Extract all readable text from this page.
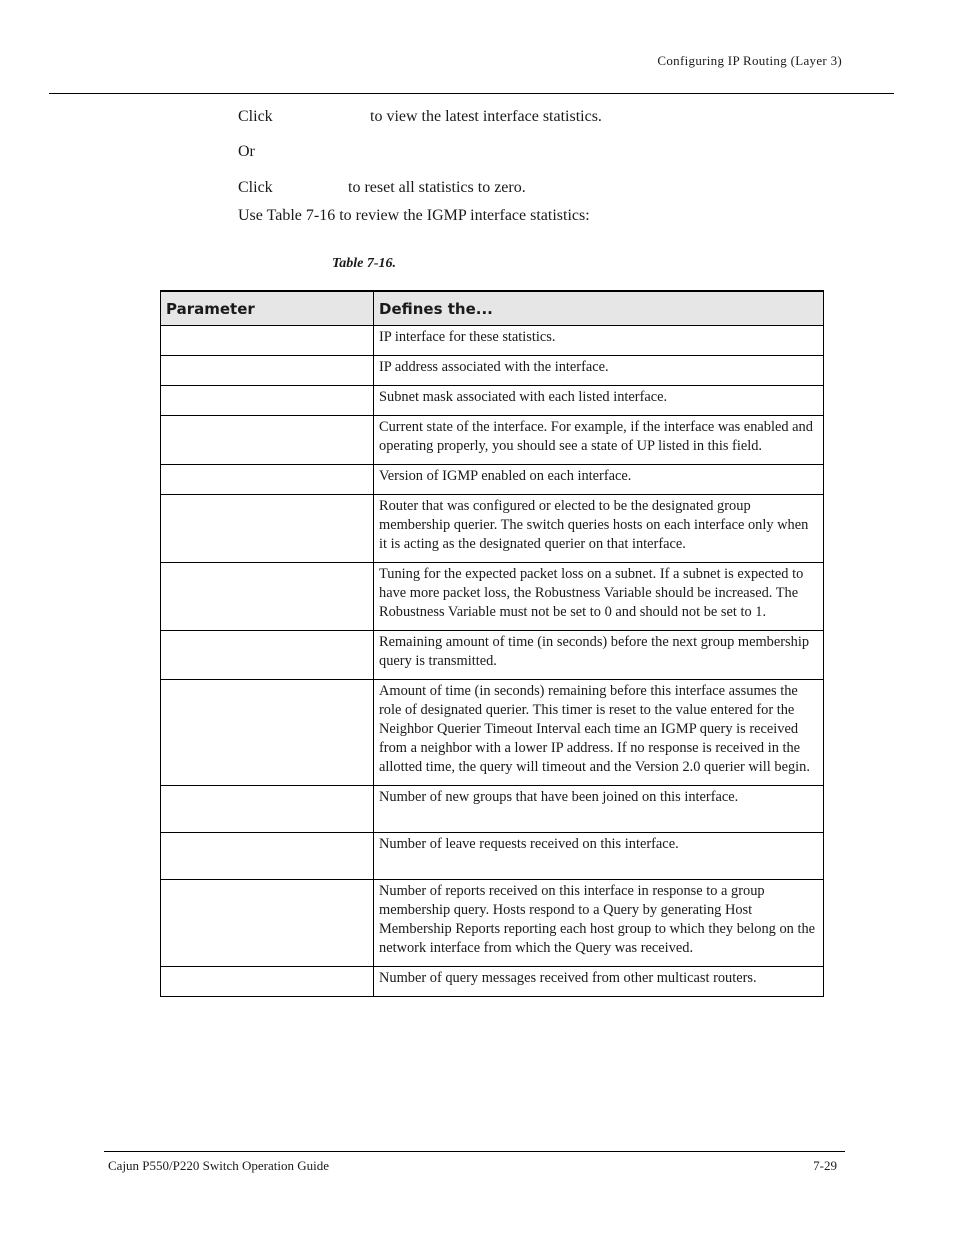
Configuring IP Routing (Layer 3)
Click	to view the latest interface statistics.
Or
Click	to reset all statistics to zero.
Use Table 7-16 to review the IGMP interface statistics:
Table 7-16.
Parameter	Defines the...
	IP interface for these statistics.
	IP address associated with the interface.
	Subnet mask associated with each listed interface.
	Current state of the interface. For example, if the interface was enabled and operating properly, you should see a state of UP listed in this field.
	Version of IGMP enabled on each interface.
	Router that was configured or elected to be the designated group membership querier. The switch queries hosts on each interface only when it is acting as the designated querier on that interface.
	Tuning for the expected packet loss on a subnet. If a subnet is expected to have more packet loss, the Robustness Variable should be increased. The Robustness Variable must not be set to 0 and should not be set to 1.
	Remaining amount of time (in seconds) before the next group membership query is transmitted.
	Amount of time (in seconds) remaining before this interface assumes the role of designated querier. This timer is reset to the value entered for the Neighbor Querier Timeout Interval each time an IGMP query is received from a neighbor with a lower IP address. If no response is received in the allotted time, the query will timeout and the Version 2.0 querier will begin.
	Number of new groups that have been joined on this interface.
	Number of leave requests received on this interface.
	Number of reports received on this interface in response to a group membership query. Hosts respond to a Query by generating Host Membership Reports reporting each host group to which they belong on the network interface from which the Query was received.
	Number of query messages received from other multicast routers.
Cajun P550/P220 Switch Operation Guide	7-29
